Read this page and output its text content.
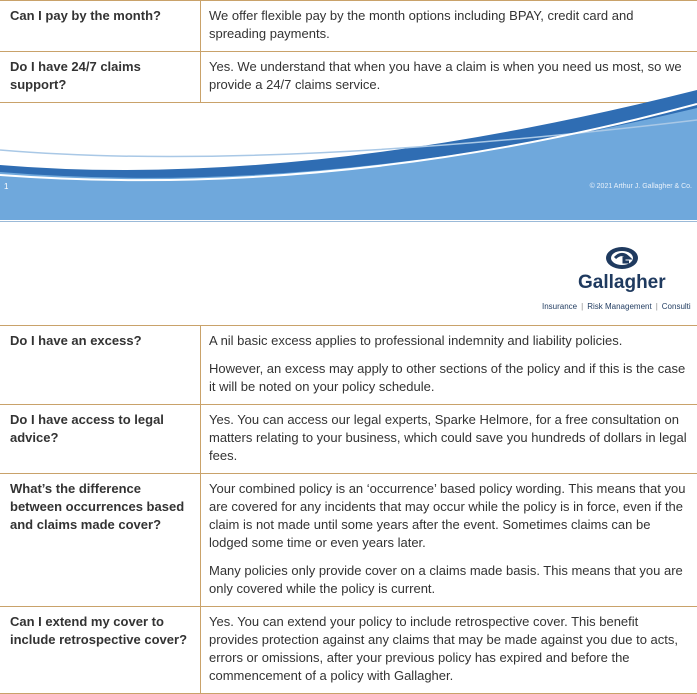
Can I pay by the month?	We offer flexible pay by the month options including BPAY, credit card and spreading payments.

Do I have 24/7 claims support?	Yes. We understand that when you have a claim is when you need us most, so we provide a 24/7 claims service.

1	© 2021 Arthur J. Gallagher & Co.
Gallagher
Insurance | Risk Management | Consulti
Do I have an excess?	A nil basic excess applies to professional indemnity and liability policies.

However, an excess may apply to other sections of the policy and if this is the case it will be noted on your policy schedule.

Do I have access to legal advice?	Yes. You can access our legal experts, Sparke Helmore, for a free consultation on matters relating to your business, which could save you hundreds of dollars in legal fees.

What’s the difference between occurrences based and claims made cover?	Your combined policy is an ‘occurrence’ based policy wording. This means that you are covered for any incidents that may occur while the policy is in force, even if the claim is not made until some years after the event. Sometimes claims can be lodged some time or even years later.

Many policies only provide cover on a claims made basis. This means that you are only covered while the policy is current.

Can I extend my cover to include retrospective cover?	Yes. You can extend your policy to include retrospective cover. This benefit provides protection against any claims that may be made against you due to acts, errors or omissions, after your previous policy has expired and before the commencement of a policy with Gallagher.
